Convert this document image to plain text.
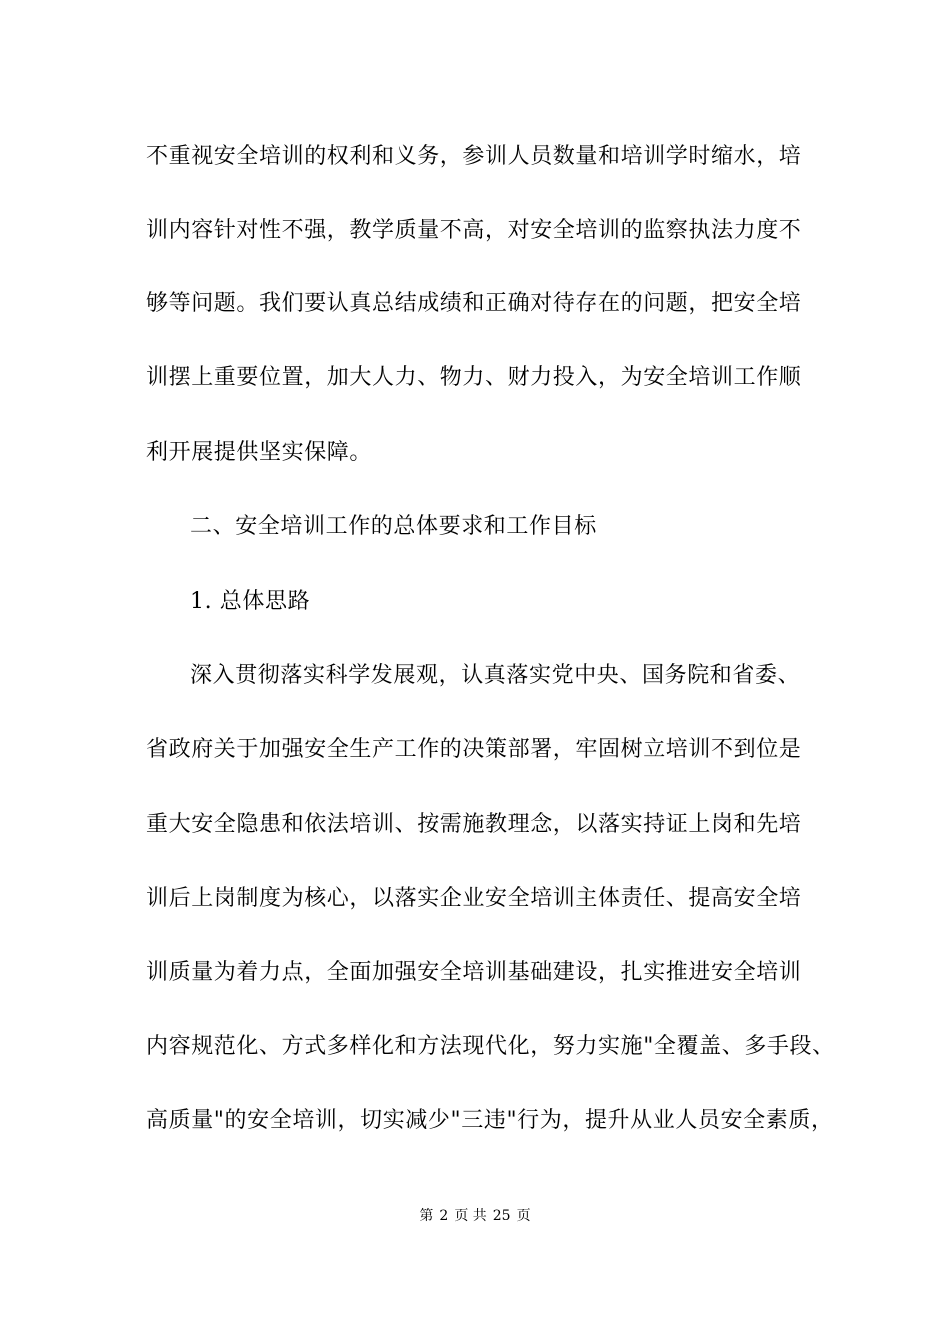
不重视安全培训的权利和义务，参训人员数量和培训学时缩水，培
训内容针对性不强，教学质量不高，对安全培训的监察执法力度不
够等问题。我们要认真总结成绩和正确对待存在的问题，把安全培
训摆上重要位置，加大人力、物力、财力投入，为安全培训工作顺
利开展提供坚实保障。
二、安全培训工作的总体要求和工作目标
1. 总体思路
深入贯彻落实科学发展观，认真落实党中央、国务院和省委、
省政府关于加强安全生产工作的决策部署，牢固树立培训不到位是
重大安全隐患和依法培训、按需施教理念，以落实持证上岗和先培
训后上岗制度为核心，以落实企业安全培训主体责任、提高安全培
训质量为着力点，全面加强安全培训基础建设，扎实推进安全培训
内容规范化、方式多样化和方法现代化，努力实施"全覆盖、多手段、
高质量"的安全培训，切实减少"三违"行为，提升从业人员安全素质，
第 2 页 共 25 页
